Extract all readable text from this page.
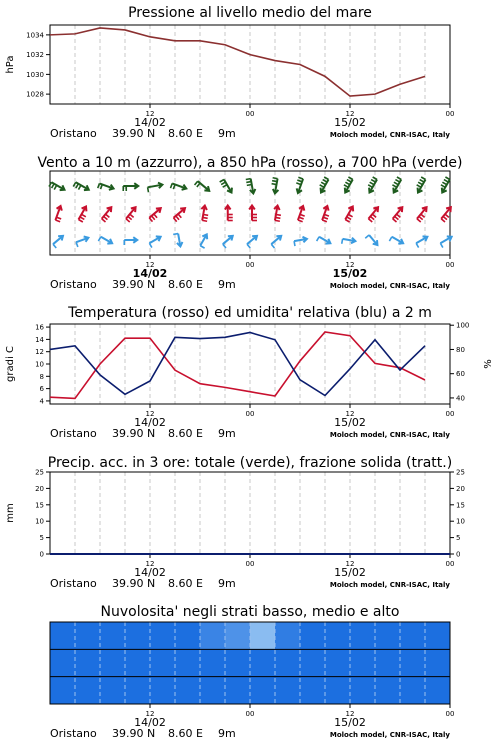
Pressione al livello medio del mare
12	00	12	00
14/02	15/02
Oristano 39.90 N 8.60 E 9m	Moloch model, CNR-ISAC, Italy
1028
1030
1032
1034
hPa
Vento a 10 m (azzurro), a 850 hPa (rosso), a 700 hPa (verde)
12	00	12	00
14/02	15/02
Oristano 39.90 N 8.60 E 9m	Moloch model, CNR-ISAC, Italy
Temperatura (rosso) ed umidita' relativa (blu) a 2 m
12	00	12	00
14/02	15/02
Oristano 39.90 N 8.60 E 9m	Moloch model, CNR-ISAC, Italy
4
6
8
10
12
14
16
40
60
80
100
gradi C	%
Precip. acc. in 3 ore: totale (verde), frazione solida (tratt.)
12	00	12	00
14/02	15/02
Oristano 39.90 N 8.60 E 9m	Moloch model, CNR-ISAC, Italy
0
5
10
15
20
25
0
5
10
15
20
25
mm
Nuvolosita' negli strati basso, medio e alto
12	00	12	00
14/02	15/02
Oristano 39.90 N 8.60 E 9m	Moloch model, CNR-ISAC, Italy
